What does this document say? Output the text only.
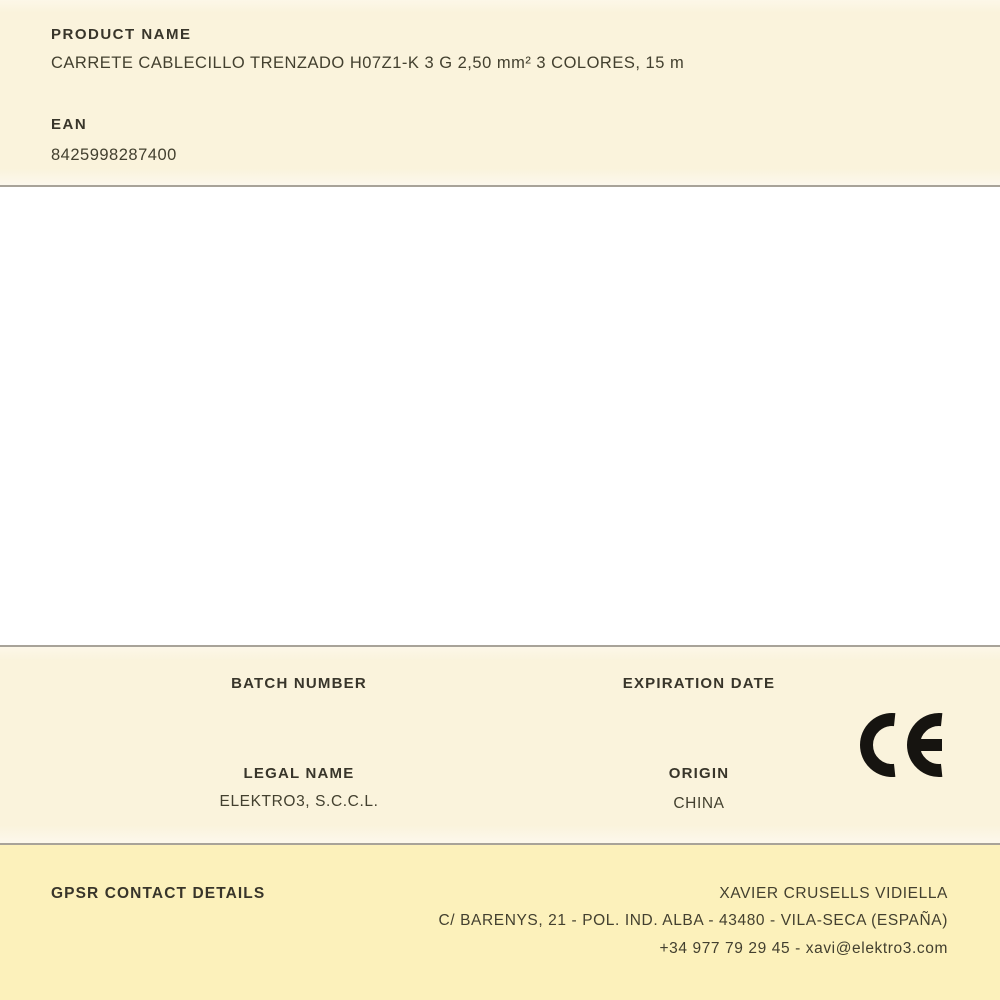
PRODUCT NAME
CARRETE CABLECILLO TRENZADO H07Z1-K 3 G 2,50 mm² 3 COLORES, 15 m
EAN
8425998287400
BATCH NUMBER	EXPIRATION DATE
LEGAL NAME
ELEKTRO3, S.C.C.L.
ORIGIN
CHINA
GPSR CONTACT DETAILS	XAVIER CRUSELLS VIDIELLA
C/ BARENYS, 21 - POL. IND. ALBA - 43480 - VILA-SECA (ESPAÑA)
+34 977 79 29 45 - xavi@elektro3.com
